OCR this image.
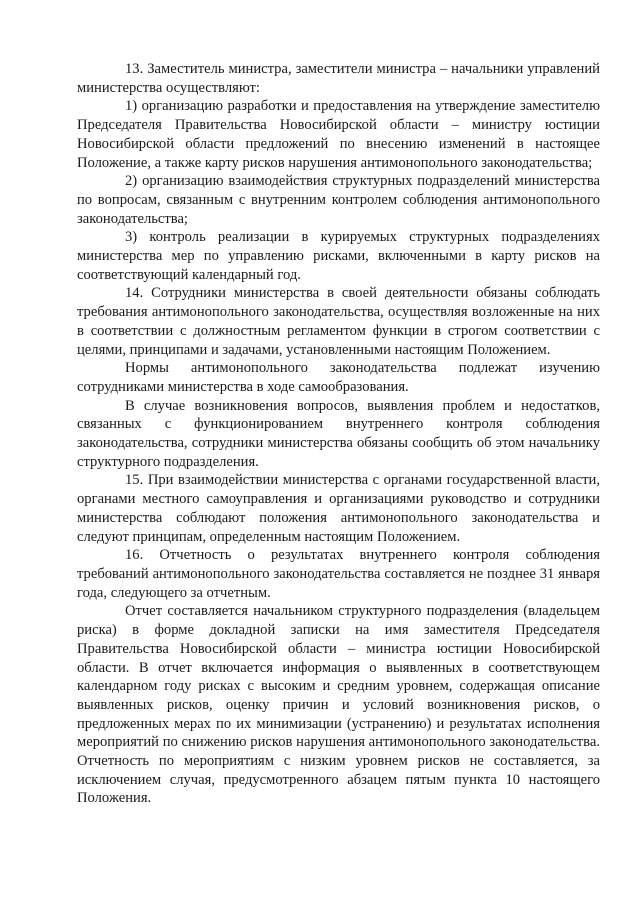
13. Заместитель министра, заместители министра – начальники управлений министерства осуществляют:

1) организацию разработки и предоставления на утверждение заместителю Председателя Правительства Новосибирской области – министру юстиции Новосибирской области предложений по внесению изменений в настоящее Положение, а также карту рисков нарушения антимонопольного законодательства;

2) организацию взаимодействия структурных подразделений министерства по вопросам, связанным с внутренним контролем соблюдения антимонопольного законодательства;

3) контроль реализации в курируемых структурных подразделениях министерства мер по управлению рисками, включенными в карту рисков на соответствующий календарный год.

14. Сотрудники министерства в своей деятельности обязаны соблюдать требования антимонопольного законодательства, осуществляя возложенные на них в соответствии с должностным регламентом функции в строгом соответствии с целями, принципами и задачами, установленными настоящим Положением.

Нормы антимонопольного законодательства подлежат изучению сотрудниками министерства в ходе самообразования.

В случае возникновения вопросов, выявления проблем и недостатков, связанных с функционированием внутреннего контроля соблюдения законодательства, сотрудники министерства обязаны сообщить об этом начальнику структурного подразделения.

15. При взаимодействии министерства с органами государственной власти, органами местного самоуправления и организациями руководство и сотрудники министерства соблюдают положения антимонопольного законодательства и следуют принципам, определенным настоящим Положением.

16. Отчетность о результатах внутреннего контроля соблюдения требований антимонопольного законодательства составляется не позднее 31 января года, следующего за отчетным.

Отчет составляется начальником структурного подразделения (владельцем риска) в форме докладной записки на имя заместителя Председателя Правительства Новосибирской области – министра юстиции Новосибирской области. В отчет включается информация о выявленных в соответствующем календарном году рисках с высоким и средним уровнем, содержащая описание выявленных рисков, оценку причин и условий возникновения рисков, о предложенных мерах по их минимизации (устранению) и результатах исполнения мероприятий по снижению рисков нарушения антимонопольного законодательства. Отчетность по мероприятиям с низким уровнем рисков не составляется, за исключением случая, предусмотренного абзацем пятым пункта 10 настоящего Положения.
